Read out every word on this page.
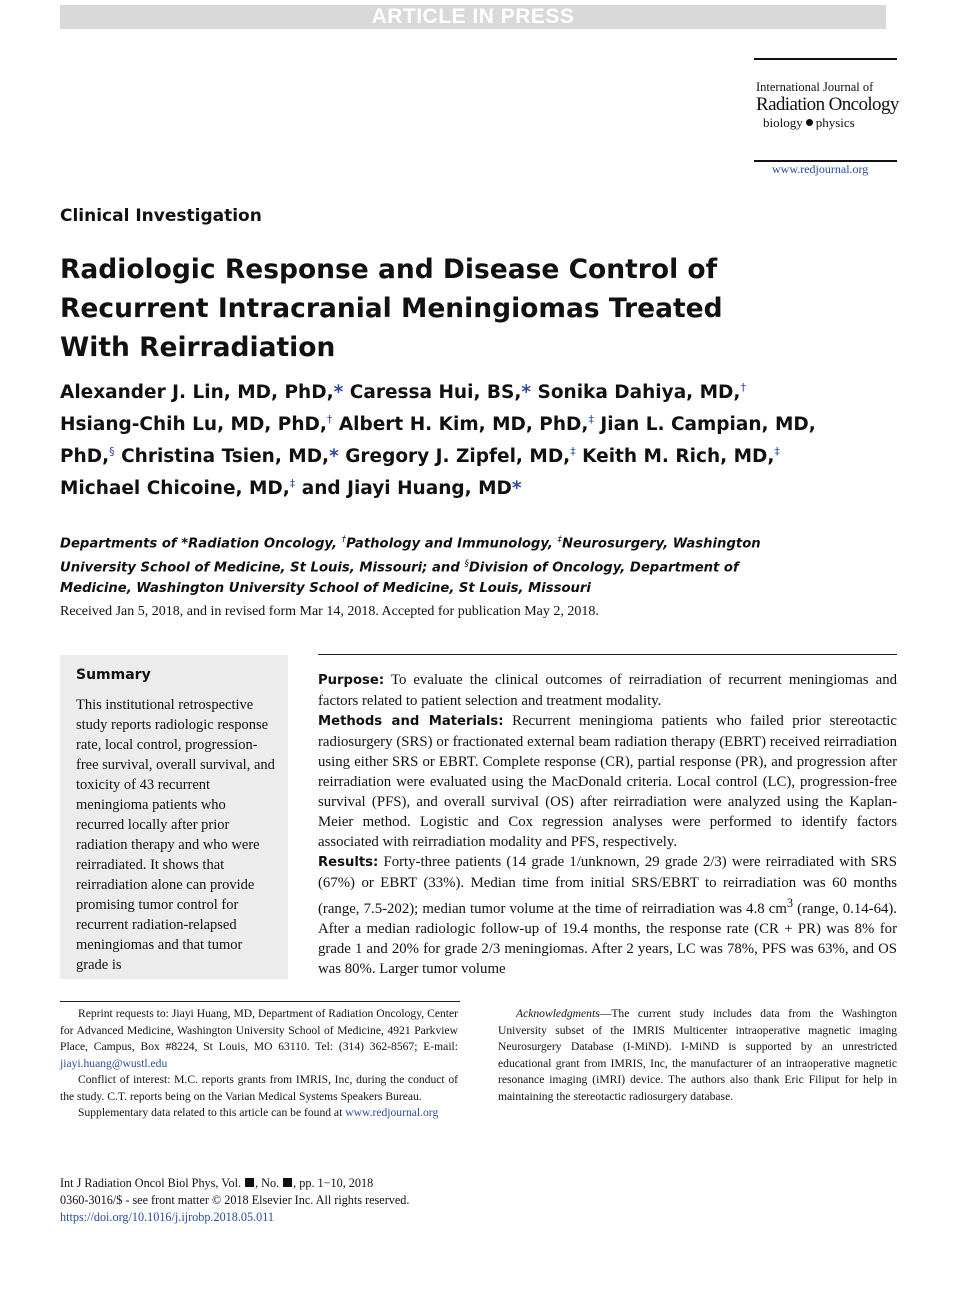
ARTICLE IN PRESS
International Journal of
Radiation Oncology
biology physics
www.redjournal.org
Clinical Investigation
Radiologic Response and Disease Control of Recurrent Intracranial Meningiomas Treated With Reirradiation
Alexander J. Lin, MD, PhD,* Caressa Hui, BS,* Sonika Dahiya, MD,† Hsiang-Chih Lu, MD, PhD,† Albert H. Kim, MD, PhD,‡ Jian L. Campian, MD, PhD,§ Christina Tsien, MD,* Gregory J. Zipfel, MD,‡ Keith M. Rich, MD,‡ Michael Chicoine, MD,‡ and Jiayi Huang, MD*
Departments of *Radiation Oncology, †Pathology and Immunology, ‡Neurosurgery, Washington University School of Medicine, St Louis, Missouri; and §Division of Oncology, Department of Medicine, Washington University School of Medicine, St Louis, Missouri
Received Jan 5, 2018, and in revised form Mar 14, 2018. Accepted for publication May 2, 2018.
Summary
This institutional retrospective study reports radiologic response rate, local control, progression-free survival, overall survival, and toxicity of 43 recurrent meningioma patients who recurred locally after prior radiation therapy and who were reirradiated. It shows that reirradiation alone can provide promising tumor control for recurrent radiation-relapsed meningiomas and that tumor grade is

Purpose: To evaluate the clinical outcomes of reirradiation of recurrent meningiomas and factors related to patient selection and treatment modality.

Methods and Materials: Recurrent meningioma patients who failed prior stereotactic radiosurgery (SRS) or fractionated external beam radiation therapy (EBRT) received reirradiation using either SRS or EBRT. Complete response (CR), partial response (PR), and progression after reirradiation were evaluated using the MacDonald criteria. Local control (LC), progression-free survival (PFS), and overall survival (OS) after reirradiation were analyzed using the Kaplan-Meier method. Logistic and Cox regression analyses were performed to identify factors associated with reirradiation modality and PFS, respectively.

Results: Forty-three patients (14 grade 1/unknown, 29 grade 2/3) were reirradiated with SRS (67%) or EBRT (33%). Median time from initial SRS/EBRT to reirradiation was 60 months (range, 7.5-202); median tumor volume at the time of reirradiation was 4.8 $cm^3$ (range, 0.14-64). After a median radiologic follow-up of 19.4 months, the response rate (CR + PR) was 8% for grade 1 and 20% for grade 2/3 meningiomas. After 2 years, LC was 78%, PFS was 63%, and OS was 80%. Larger tumor volume

Reprint requests to: Jiayi Huang, MD, Department of Radiation Oncology, Center for Advanced Medicine, Washington University School of Medicine, 4921 Parkview Place, Campus, Box #8224, St Louis, MO 63110. Tel: (314) 362-8567; E-mail: jiayi.huang@wustl.edu

Conflict of interest: M.C. reports grants from IMRIS, Inc, during the conduct of the study. C.T. reports being on the Varian Medical Systems Speakers Bureau.

Supplementary data related to this article can be found at www.redjournal.org

Acknowledgments—The current study includes data from the Washington University subset of the IMRIS Multicenter intraoperative magnetic imaging Neurosurgery Database (I-MiND). I-MiND is supported by an unrestricted educational grant from IMRIS, Inc, the manufacturer of an intraoperative magnetic resonance imaging (iMRI) device. The authors also thank Eric Filiput for help in maintaining the stereotactic radiosurgery database.

Int J Radiation Oncol Biol Phys, Vol. , No. , pp. 1−10, 2018
0360-3016/$ - see front matter © 2018 Elsevier Inc. All rights reserved.
https://doi.org/10.1016/j.ijrobp.2018.05.011
